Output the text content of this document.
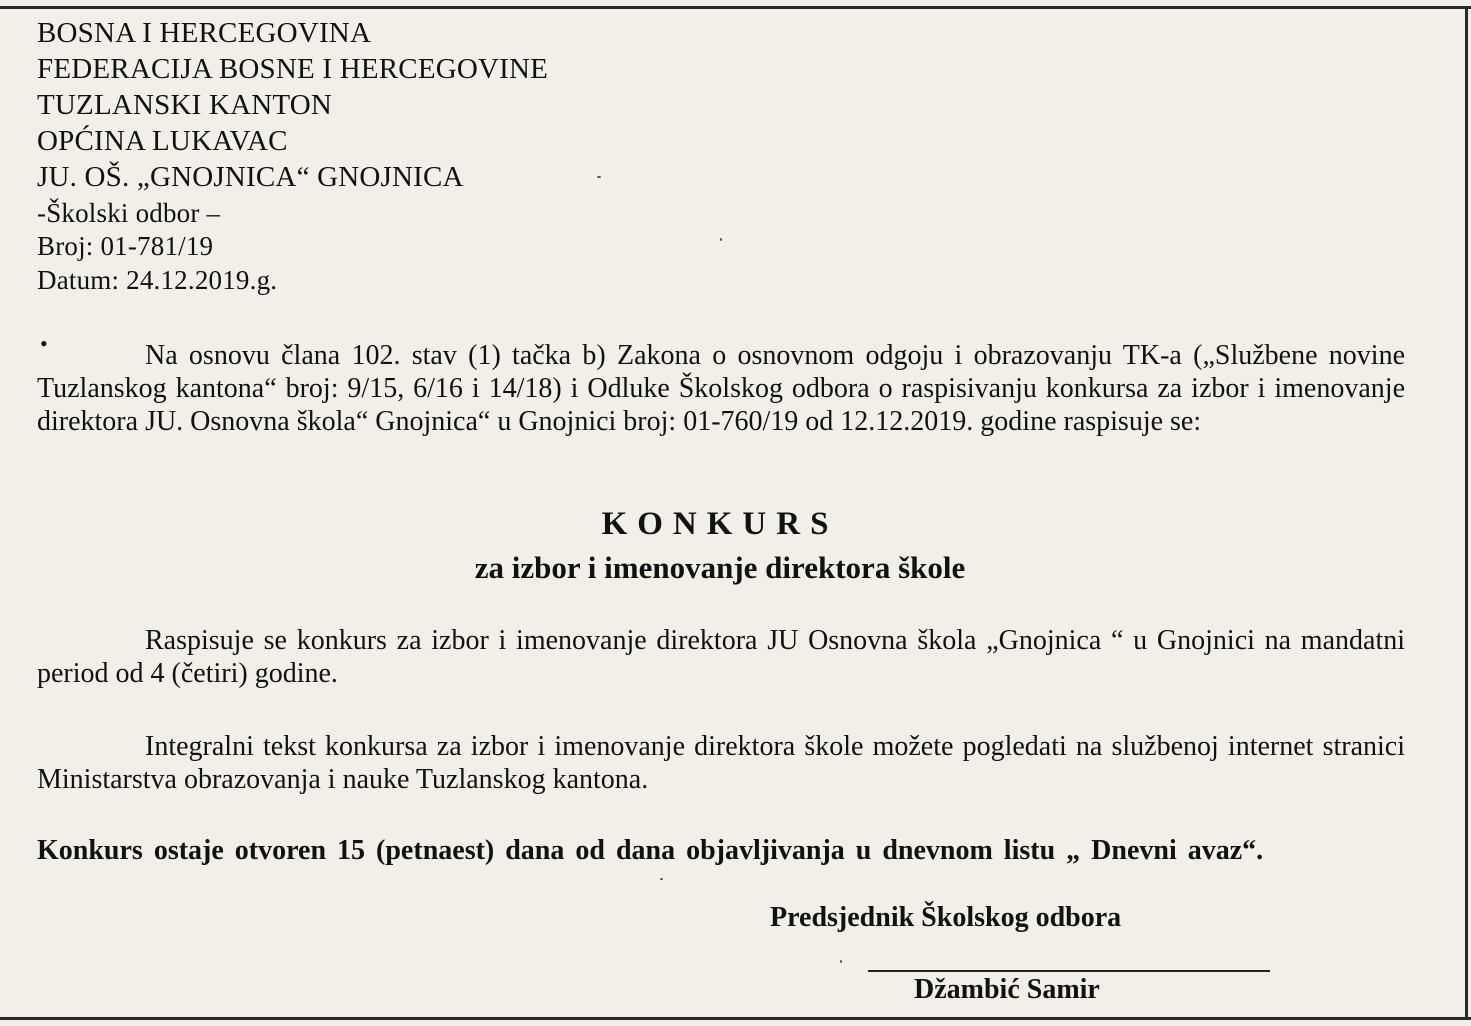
BOSNA I HERCEGOVINA
FEDERACIJA BOSNE I HERCEGOVINE
TUZLANSKI KANTON
OPĆINA LUKAVAC
JU. OŠ. „GNOJNICA“ GNOJNICA
-Školski odbor –
Broj: 01-781/19
Datum: 24.12.2019.g.
•	Na osnovu člana 102. stav (1) tačka b) Zakona o osnovnom odgoju i obrazovanju TK-a („Službene novine Tuzlanskog kantona“ broj: 9/15, 6/16 i 14/18) i Odluke Školskog odbora o raspisivanju konkursa za izbor i imenovanje direktora JU. Osnovna škola“ Gnojnica“ u Gnojnici broj: 01-760/19 od 12.12.2019. godine raspisuje se:
KONKURS
za izbor i imenovanje direktora škole
Raspisuje se konkurs za izbor i imenovanje direktora JU Osnovna škola „Gnojnica “ u Gnojnici na mandatni period od 4 (četiri) godine.
Integralni tekst konkursa za izbor i imenovanje direktora škole možete pogledati na službenoj internet stranici Ministarstva obrazovanja i nauke Tuzlanskog kantona.
Konkurs ostaje otvoren 15 (petnaest) dana od dana objavljivanja u dnevnom listu „ Dnevni avaz“.
Predsjednik Školskog odbora
Džambić Samir
